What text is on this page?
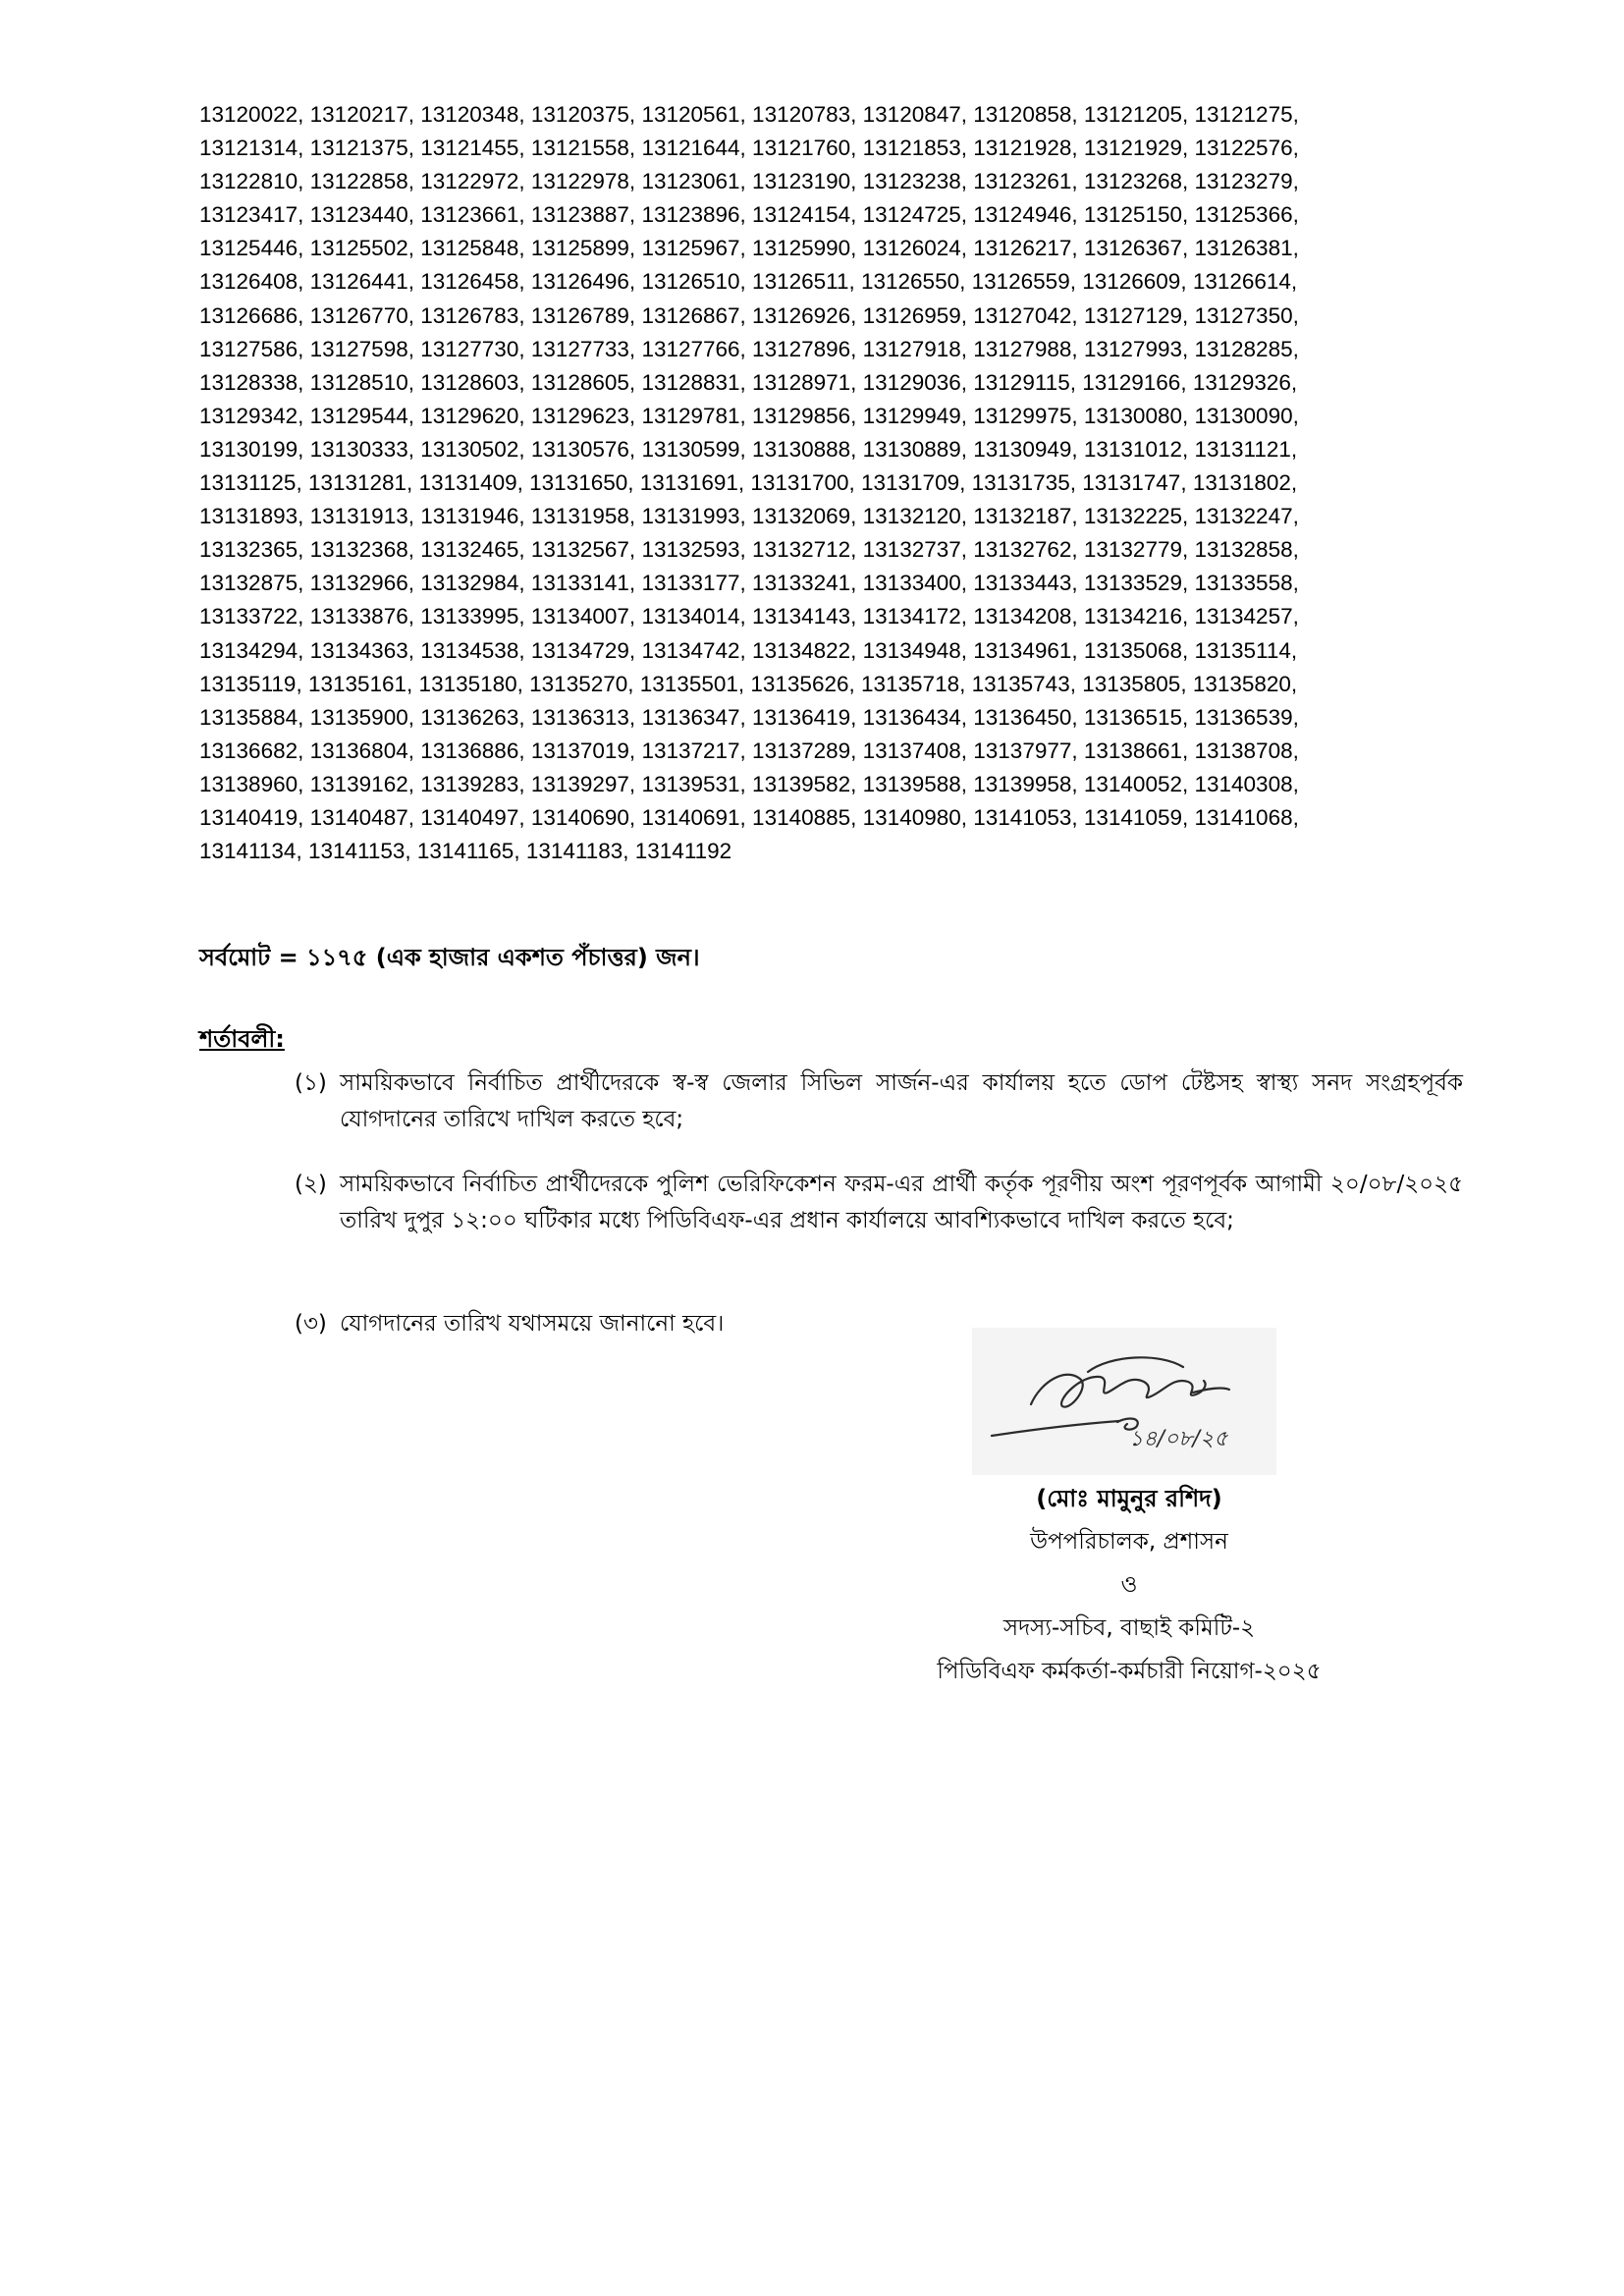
13120022, 13120217, 13120348, 13120375, 13120561, 13120783, 13120847, 13120858, 13121205, 13121275,
13121314, 13121375, 13121455, 13121558, 13121644, 13121760, 13121853, 13121928, 13121929, 13122576,
13122810, 13122858, 13122972, 13122978, 13123061, 13123190, 13123238, 13123261, 13123268, 13123279,
13123417, 13123440, 13123661, 13123887, 13123896, 13124154, 13124725, 13124946, 13125150, 13125366,
13125446, 13125502, 13125848, 13125899, 13125967, 13125990, 13126024, 13126217, 13126367, 13126381,
13126408, 13126441, 13126458, 13126496, 13126510, 13126511, 13126550, 13126559, 13126609, 13126614,
13126686, 13126770, 13126783, 13126789, 13126867, 13126926, 13126959, 13127042, 13127129, 13127350,
13127586, 13127598, 13127730, 13127733, 13127766, 13127896, 13127918, 13127988, 13127993, 13128285,
13128338, 13128510, 13128603, 13128605, 13128831, 13128971, 13129036, 13129115, 13129166, 13129326,
13129342, 13129544, 13129620, 13129623, 13129781, 13129856, 13129949, 13129975, 13130080, 13130090,
13130199, 13130333, 13130502, 13130576, 13130599, 13130888, 13130889, 13130949, 13131012, 13131121,
13131125, 13131281, 13131409, 13131650, 13131691, 13131700, 13131709, 13131735, 13131747, 13131802,
13131893, 13131913, 13131946, 13131958, 13131993, 13132069, 13132120, 13132187, 13132225, 13132247,
13132365, 13132368, 13132465, 13132567, 13132593, 13132712, 13132737, 13132762, 13132779, 13132858,
13132875, 13132966, 13132984, 13133141, 13133177, 13133241, 13133400, 13133443, 13133529, 13133558,
13133722, 13133876, 13133995, 13134007, 13134014, 13134143, 13134172, 13134208, 13134216, 13134257,
13134294, 13134363, 13134538, 13134729, 13134742, 13134822, 13134948, 13134961, 13135068, 13135114,
13135119, 13135161, 13135180, 13135270, 13135501, 13135626, 13135718, 13135743, 13135805, 13135820,
13135884, 13135900, 13136263, 13136313, 13136347, 13136419, 13136434, 13136450, 13136515, 13136539,
13136682, 13136804, 13136886, 13137019, 13137217, 13137289, 13137408, 13137977, 13138661, 13138708,
13138960, 13139162, 13139283, 13139297, 13139531, 13139582, 13139588, 13139958, 13140052, 13140308,
13140419, 13140487, 13140497, 13140690, 13140691, 13140885, 13140980, 13141053, 13141059, 13141068,
13141134, 13141153, 13141165, 13141183, 13141192
সর্বমোট = ১১৭৫ (এক হাজার একশত পঁচাত্তর) জন।
শর্তাবলী:
(১) সাময়িকভাবে নির্বাচিত প্রার্থীদেরকে স্ব-স্ব জেলার সিভিল সার্জন-এর কার্যালয় হতে ডোপ টেষ্টসহ স্বাস্থ্য সনদ সংগ্রহপূর্বক যোগদানের তারিখে দাখিল করতে হবে;
(২) সাময়িকভাবে নির্বাচিত প্রার্থীদেরকে পুলিশ ভেরিফিকেশন ফরম-এর প্রার্থী কর্তৃক পূরণীয় অংশ পূরণপূর্বক আগামী ২০/০৮/২০২৫ তারিখ দুপুর ১২:০০ ঘটিকার মধ্যে পিডিবিএফ-এর প্রধান কার্যালয়ে আবশ্যিকভাবে দাখিল করতে হবে;
(৩) যোগদানের তারিখ যথাসময়ে জানানো হবে।
১৪/০৮/২৫
(মোঃ মামুনুর রশিদ)
উপপরিচালক, প্রশাসন
ও
সদস্য-সচিব, বাছাই কমিটি-২
পিডিবিএফ কর্মকর্তা-কর্মচারী নিয়োগ-২০২৫
